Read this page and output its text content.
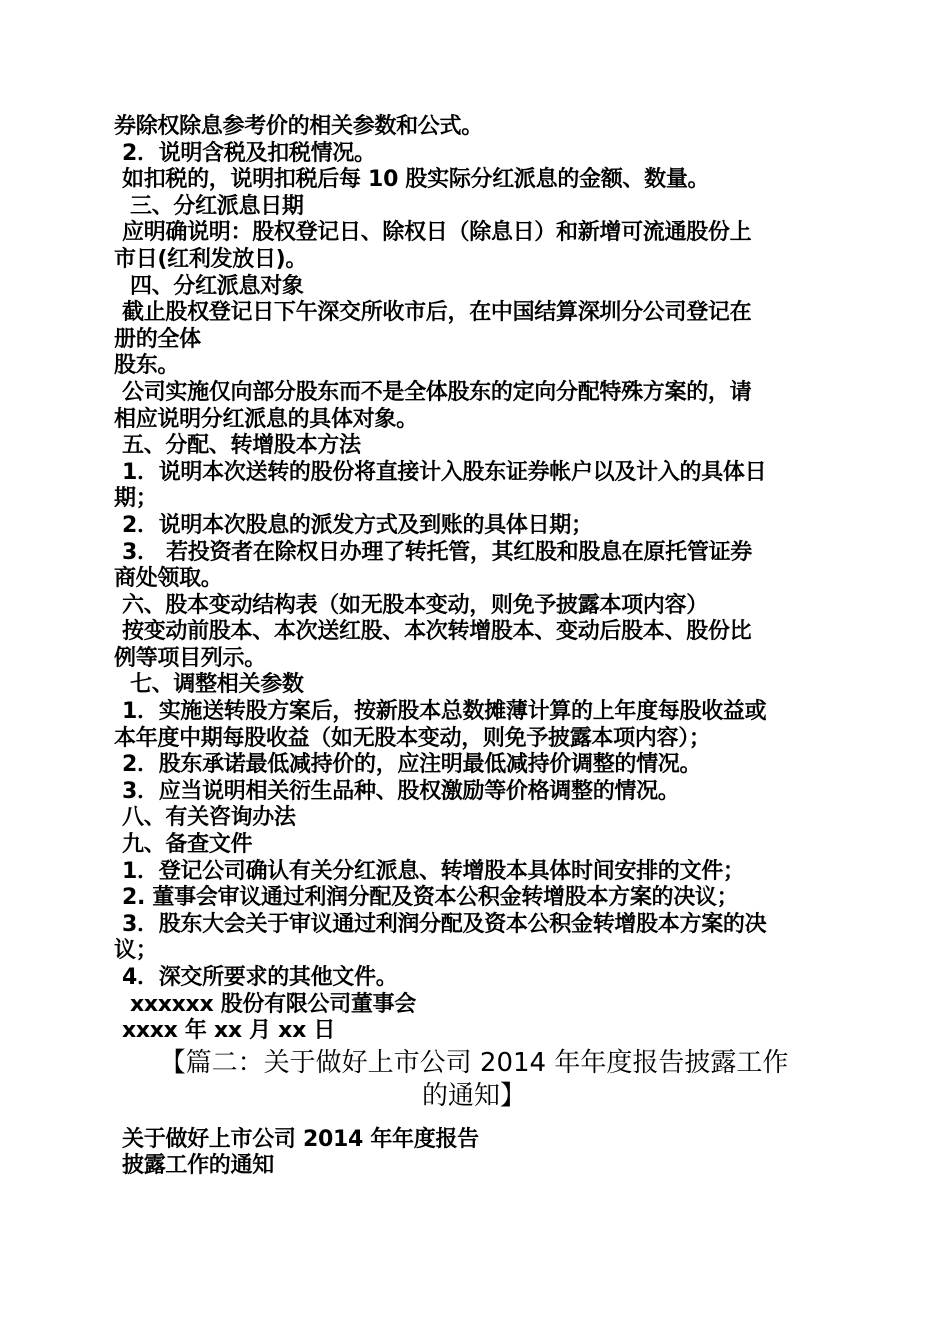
券除权除息参考价的相关参数和公式。
2．说明含税及扣税情况。
如扣税的，说明扣税后每 10 股实际分红派息的金额、数量。
三、分红派息日期
应明确说明：股权登记日、除权日（除息日）和新增可流通股份上
市日(红利发放日)。
四、分红派息对象
截止股权登记日下午深交所收市后，在中国结算深圳分公司登记在
册的全体
股东。
公司实施仅向部分股东而不是全体股东的定向分配特殊方案的，请
相应说明分红派息的具体对象。
五、分配、转增股本方法
1．说明本次送转的股份将直接计入股东证券帐户以及计入的具体日
期；
2．说明本次股息的派发方式及到账的具体日期；
3． 若投资者在除权日办理了转托管，其红股和股息在原托管证券
商处领取。
六、股本变动结构表（如无股本变动，则免予披露本项内容）
按变动前股本、本次送红股、本次转增股本、变动后股本、股份比
例等项目列示。
七、调整相关参数
1．实施送转股方案后，按新股本总数摊薄计算的上年度每股收益或
本年度中期每股收益（如无股本变动，则免予披露本项内容）；
2．股东承诺最低减持价的，应注明最低减持价调整的情况。
3．应当说明相关衍生品种、股权激励等价格调整的情况。
八、有关咨询办法
九、备查文件
1．登记公司确认有关分红派息、转增股本具体时间安排的文件；
2. 董事会审议通过利润分配及资本公积金转增股本方案的决议；
3．股东大会关于审议通过利润分配及资本公积金转增股本方案的决
议；
4．深交所要求的其他文件。
xxxxxx 股份有限公司董事会
xxxx 年 xx 月 xx 日
【篇二：关于做好上市公司 2014 年年度报告披露工作
的通知】
关于做好上市公司 2014 年年度报告
披露工作的通知
